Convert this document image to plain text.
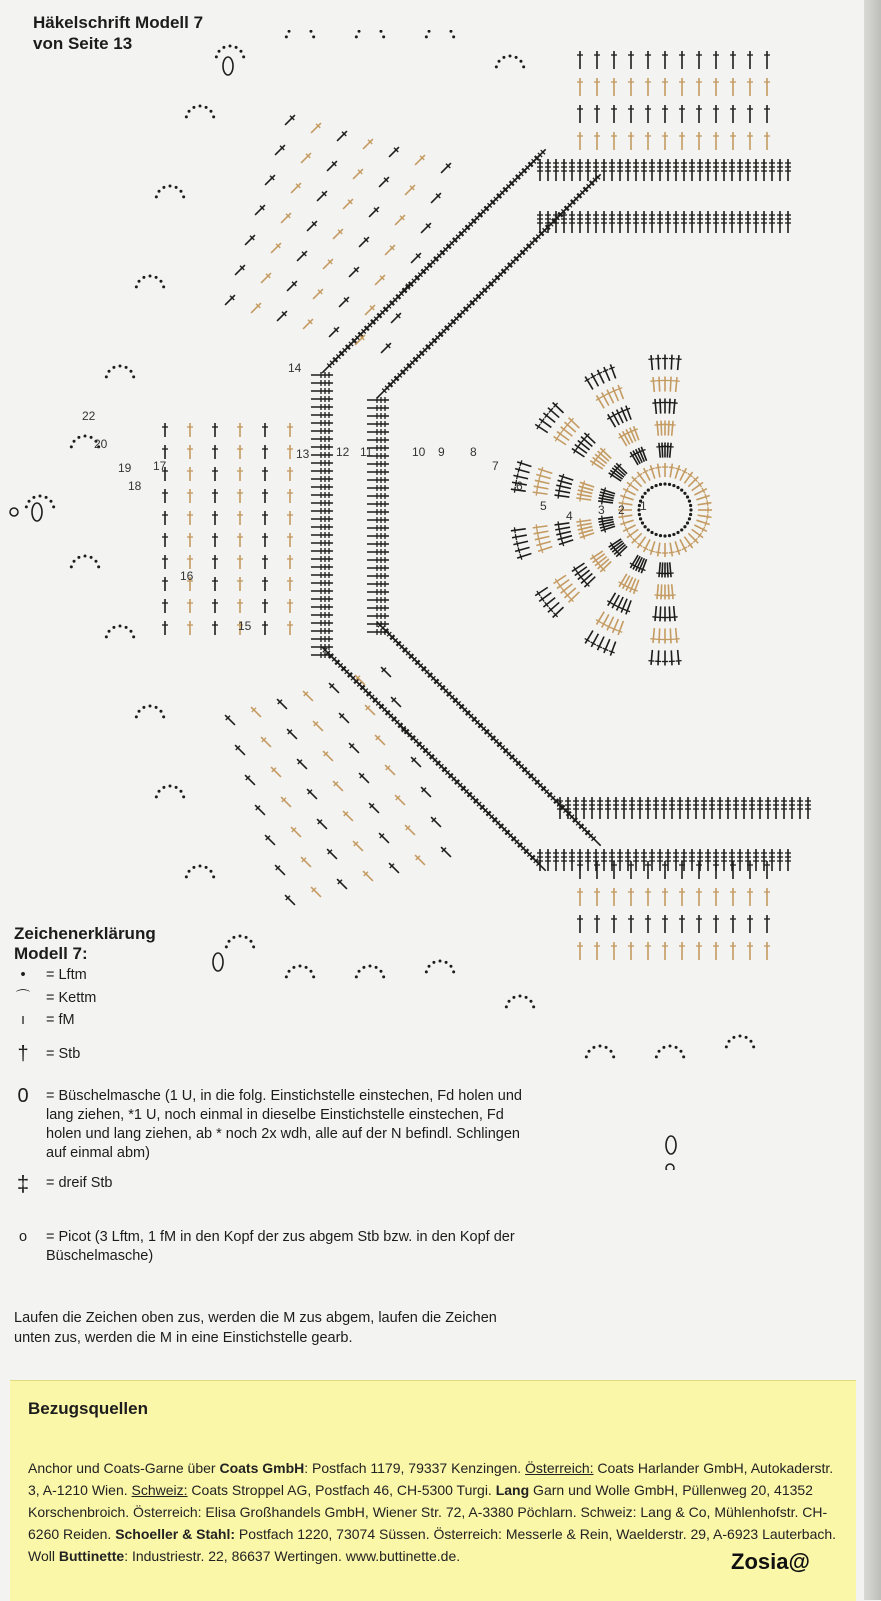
Häkelschrift Modell 7
von Seite 13
22
20
19
18
17
16
15
14
13 12 11	10 9 8
7
6
5
4 3 2 1
Zeichenerklärung
Modell 7:
•	= Lftm
⌒ = Kettm
ı	= fM
† = Stb
0 = Büschelmasche (1 U, in die folg. Einstichstelle einstechen, Fd holen und lang ziehen, *1 U, noch einmal in dieselbe Einstichstelle einstechen, Fd holen und lang ziehen, ab * noch 2x wdh, alle auf der N befindl. Schlingen auf einmal abm)
‡ = dreif Stb
o	= Picot (3 Lftm, 1 fM in den Kopf der zus abgem Stb bzw. in den Kopf der Büschelmasche)
Laufen die Zeichen oben zus, werden die M zus abgem, laufen die Zeichen unten zus, werden die M in eine Einstichstelle gearb.
Bezugsquellen
Anchor und Coats-Garne über Coats GmbH: Postfach 1179, 79337 Kenzingen. Österreich: Coats Harlander GmbH, Autokaderstr. 3, A-1210 Wien. Schweiz: Coats Stroppel AG, Postfach 46, CH-5300 Turgi. Lang Garn und Wolle GmbH, Püllenweg 20, 41352 Korschenbroich. Österreich: Elisa Großhandels GmbH, Wiener Str. 72, A-3380 Pöchlarn. Schweiz: Lang & Co, Mühlenhofstr. CH-6260 Reiden. Schoeller & Stahl: Postfach 1220, 73074 Süssen. Österreich: Messerle & Rein, Waelderstr. 29, A-6923 Lauterbach. Woll Buttinette: Industriestr. 22, 86637 Wertingen. www.buttinette.de.	Zosia@
